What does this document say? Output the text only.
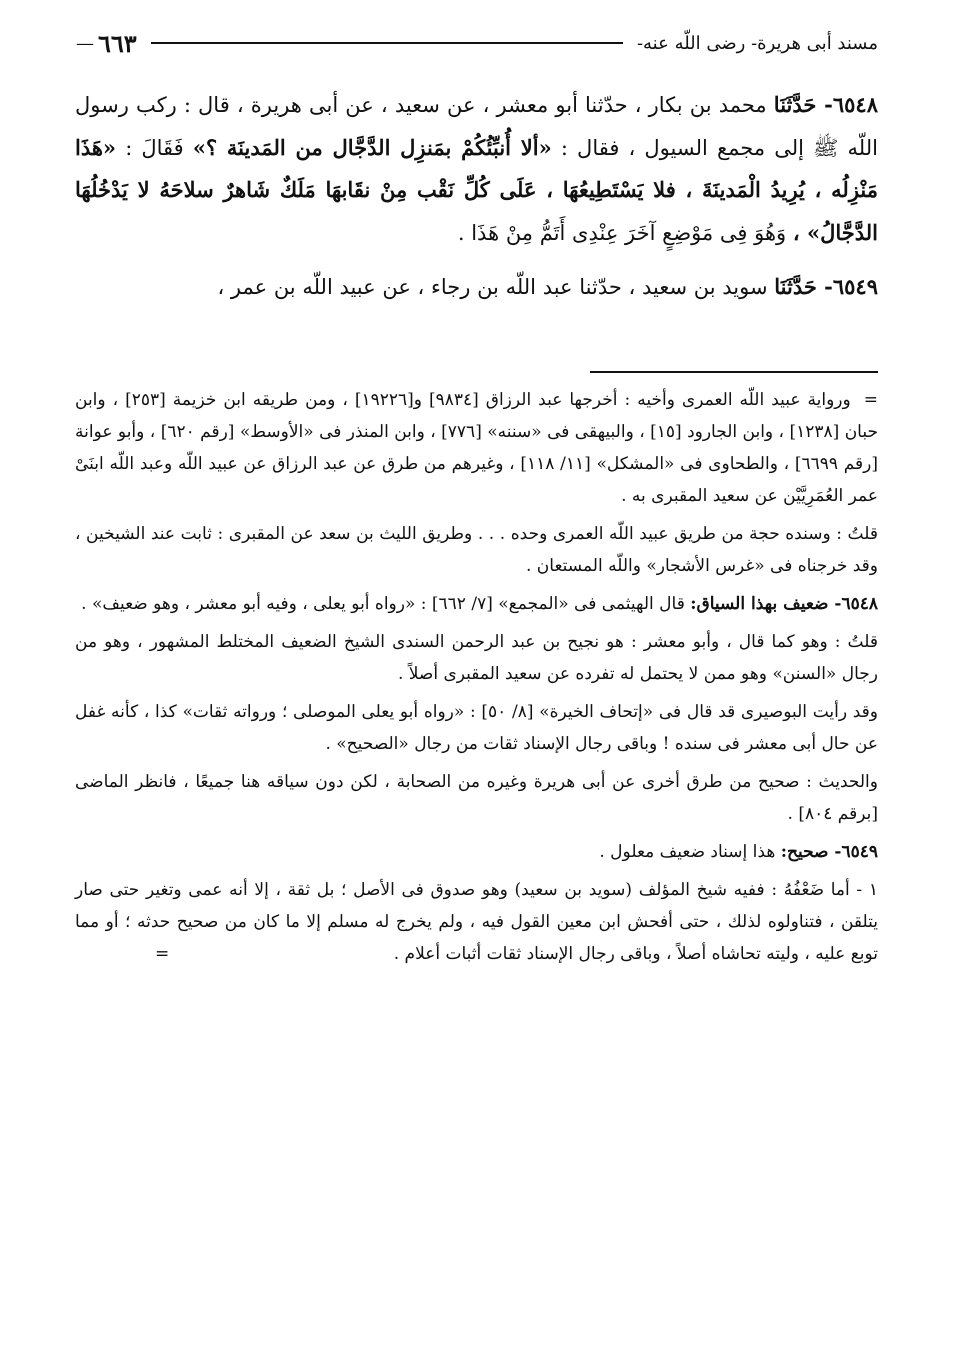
مسند أبى هريرة- رضى اللّه عنه-
٦٦٣
—

٦٥٤٨- حَدَّثَنَا محمد بن بكار ، حدّثنا أبو معشر ، عن سعيد ، عن أبى هريرة ، قال : ركب رسول اللّه ﷺ إلى مجمع السيول ، فقال : «ألا أُنبِّئُكُمْ بمَنزِل الدَّجَّال من المَدينَة ؟» فَقَالَ : «هَذَا مَنْزِلُه ، يُرِيدُ الْمَدينَةَ ، فلا يَسْتَطِيعُهَا ، عَلَى كُلِّ نَقْب مِنْ نقَابهَا مَلَكٌ شَاهرٌ سلاحَهُ لا يَدْخُلُهَا الدَّجَّالُ» ، وَهُوَ فِى مَوْضِعٍ آخَرَ عِنْدِى أَتَمُّ مِنْ هَذَا .

٦٥٤٩- حَدَّثَنَا سويد بن سعيد ، حدّثنا عبد اللّه بن رجاء ، عن عبيد اللّه بن عمر ،

= ورواية عبيد اللّه العمرى وأخيه : أخرجها عبد الرزاق [٩٨٣٤] و[١٩٢٢٦] ، ومن طريقه ابن خزيمة [٢٥٣] ، وابن حبان [١٢٣٨] ، وابن الجارود [١٥] ، والبيهقى فى «سننه» [٧٧٦] ، وابن المنذر فى «الأوسط» [رقم ٦٢٠] ، وأبو عوانة [رقم ٦٦٩٩] ، والطحاوى فى «المشكل» [١١/ ١١٨] ، وغيرهم من طرق عن عبد الرزاق عن عبيد اللّه وعبد اللّه ابنَىْ عمر العُمَرِيَّيْن عن سعيد المقبرى به .

قلتُ : وسنده حجة من طريق عبيد اللّه العمرى وحده . . . وطريق الليث بن سعد عن المقبرى : ثابت عند الشيخين ، وقد خرجناه فى «غرس الأشجار» واللّه المستعان .

٦٥٤٨- ضعيف بهذا السياق: قال الهيثمى فى «المجمع» [٧/ ٦٦٢] : «رواه أبو يعلى ، وفيه أبو معشر ، وهو ضعيف» .

قلتُ : وهو كما قال ، وأبو معشر : هو نجيح بن عبد الرحمن السندى الشيخ الضعيف المختلط المشهور ، وهو من رجال «السنن» وهو ممن لا يحتمل له تفرده عن سعيد المقبرى أصلاً .

وقد رأيت البوصيرى قد قال فى «إتحاف الخيرة» [٨/ ٥٠] : «رواه أبو يعلى الموصلى ؛ ورواته ثقات» كذا ، كأنه غفل عن حال أبى معشر فى سنده ! وباقى رجال الإسناد ثقات من رجال «الصحيح» .

والحديث : صحيح من طرق أخرى عن أبى هريرة وغيره من الصحابة ، لكن دون سياقه هنا جميعًا ، فانظر الماضى [برقم ٨٠٤] .

٦٥٤٩- صحيح: هذا إسناد ضعيف معلول .

١ - أما ضَعْفُهُ : ففيه شيخ المؤلف (سويد بن سعيد) وهو صدوق فى الأصل ؛ بل ثقة ، إلا أنه عمى وتغير حتى صار يتلقن ، فتناولوه لذلك ، حتى أفحش ابن معين القول فيه ، ولم يخرج له مسلم إلا ما كان من صحيح حدثه ؛ أو مما توبع عليه ، وليته تحاشاه أصلاً ، وباقى رجال الإسناد ثقات أثبات أعلام .
=
